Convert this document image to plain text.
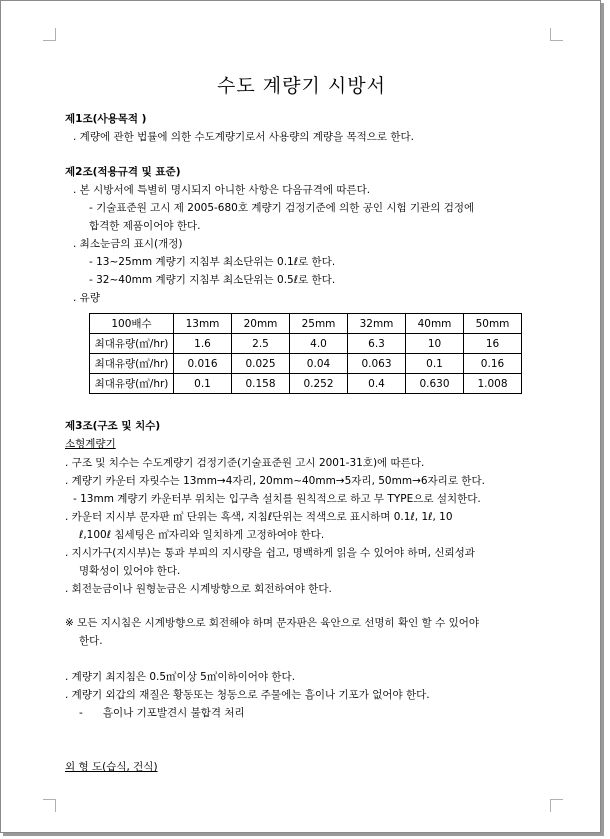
수도 계량기 시방서
제1조(사용목적 )
. 계량에 관한 법률에 의한 수도계량기로서 사용량의 계량을 목적으로 한다.
제2조(적용규격 및 표준)
. 본 시방서에 특별히 명시되지 아니한 사항은 다음규격에 따른다.
- 기술표준원 고시 제 2005-680호 계량기 검정기준에 의한 공인 시험 기관의 검정에
합격한 제품이어야 한다.
. 최소눈금의 표시(개정)
- 13~25mm 계량기 지침부 최소단위는 0.1ℓ로 한다.
- 32~40mm 계량기 지침부 최소단위는 0.5ℓ로 한다.
. 유량
100배수	13mm	20mm	25mm	32mm	40mm	50mm
최대유량(㎥/hr)	1.6	2.5	4.0	6.3	10	16
최대유량(㎥/hr)	0.016	0.025	0.04	0.063	0.1	0.16
최대유량(㎥/hr)	0.1	0.158	0.252	0.4	0.630	1.008
제3조(구조 및 치수)
소형계량기
. 구조 및 치수는 수도계량기 검정기준(기술표준원 고시 2001-31호)에 따른다.
. 계량기 카운터 자릿수는 13mm→4자리, 20mm~40mm→5자리, 50mm→6자리로 한다.
- 13mm 계량기 카운터부 위치는 입구측 설치를 원칙적으로 하고 무 TYPE으로 설치한다.
. 카운터 지시부 문자판 ㎥ 단위는 흑색, 지침ℓ단위는 적색으로 표시하며 0.1ℓ, 1ℓ, 10
ℓ,100ℓ 침세팅은 ㎥자리와 일치하게 고정하여야 한다.
. 지시가구(지시부)는 통과 부피의 지시량을 쉽고, 명백하게 읽을 수 있어야 하며, 신뢰성과
명확성이 있어야 한다.
. 회전눈금이나 원형눈금은 시계방향으로 회전하여야 한다.
※ 모든 지시침은 시계방향으로 회전해야 하며 문자판은 육안으로 선명히 확인 할 수 있어야
한다.
. 계량기 최지침은 0.5㎥이상 5㎥이하이어야 한다.
. 계량기 외갑의 재질은 황동또는 청동으로 주물에는 흠이나 기포가 없어야 한다.
-      흠이나 기포발견시 불합격 처리
외 형 도(습식, 건식)
